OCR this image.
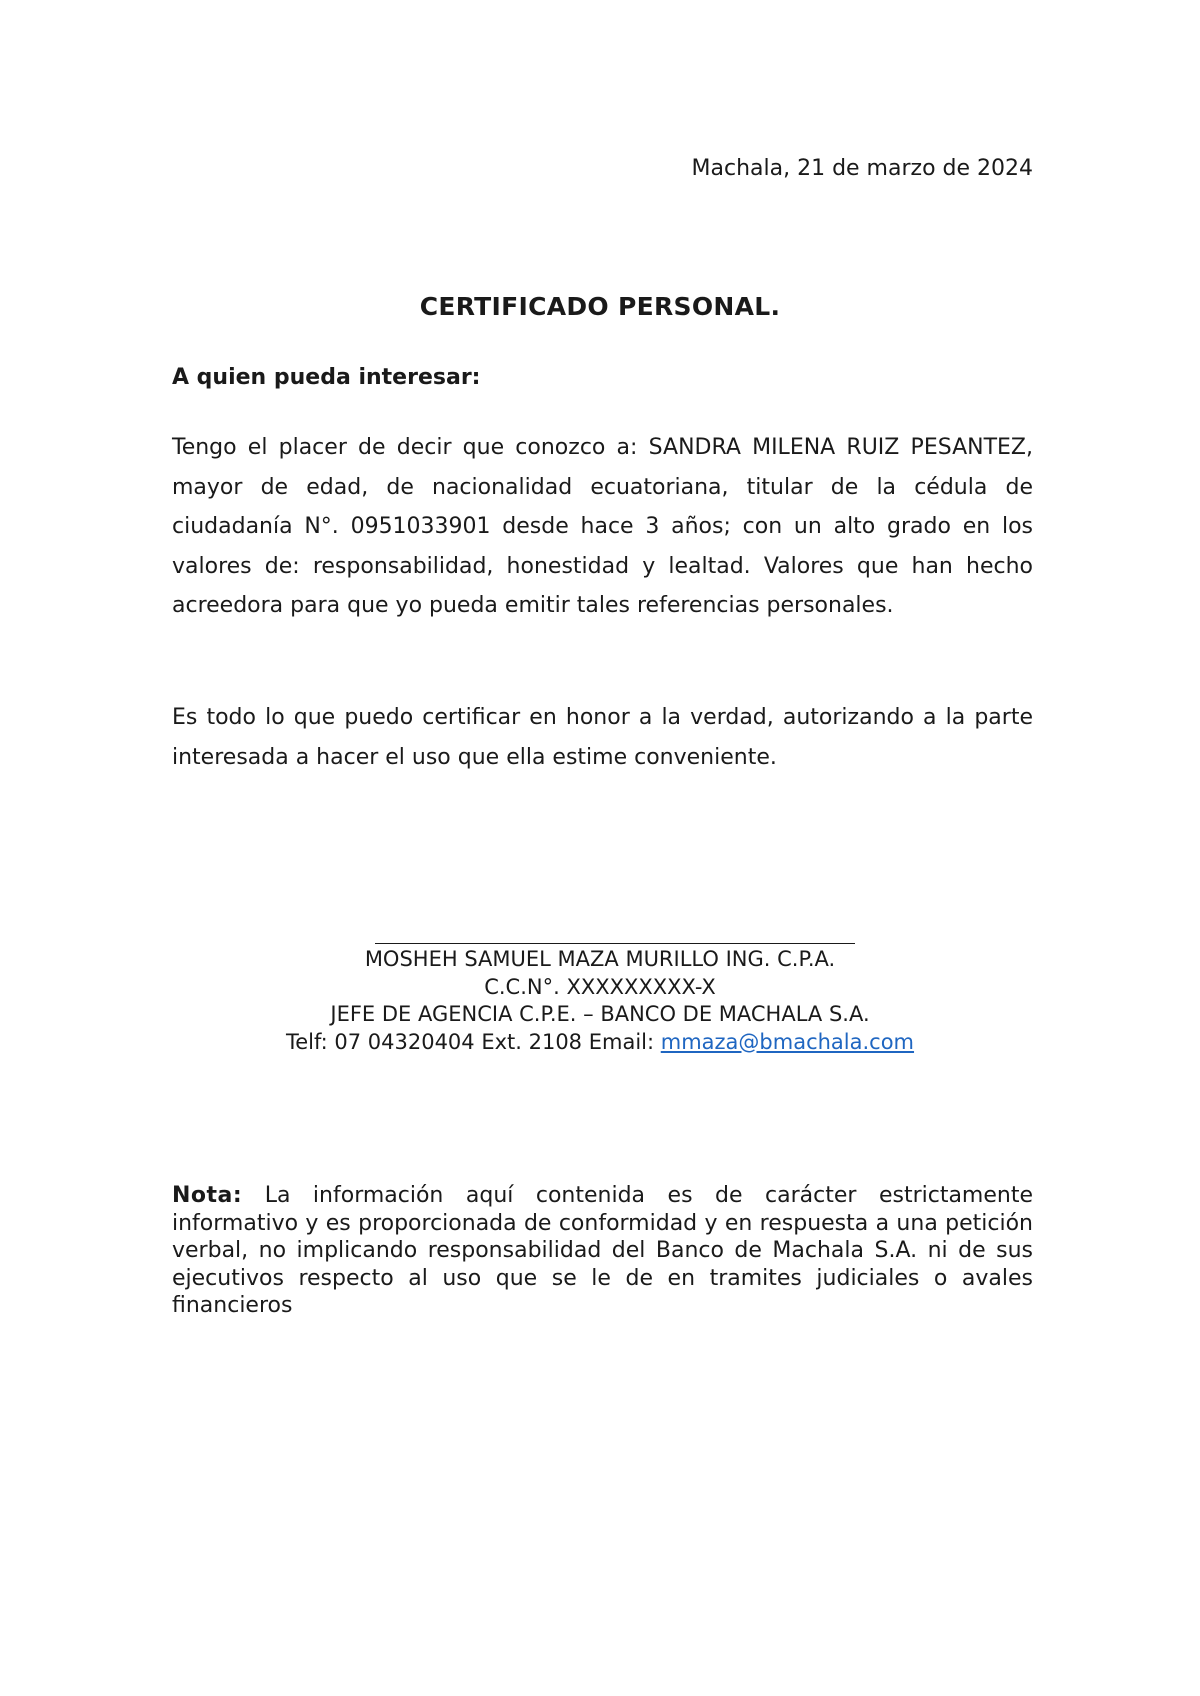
Machala, 21 de marzo de 2024
CERTIFICADO PERSONAL.
A quien pueda interesar:

Tengo el placer de decir que conozco a: SANDRA MILENA RUIZ PESANTEZ, mayor de edad, de nacionalidad ecuatoriana, titular de la cédula de ciudadanía N°. 0951033901 desde hace 3 años; con un alto grado en los valores de: responsabilidad, honestidad y lealtad. Valores que han hecho acreedora para que yo pueda emitir tales referencias personales.

Es todo lo que puedo certificar en honor a la verdad, autorizando a la parte interesada a hacer el uso que ella estime conveniente.

MOSHEH SAMUEL MAZA MURILLO ING. C.P.A.
C.C.N°. XXXXXXXXX-X
JEFE DE AGENCIA C.P.E. – BANCO DE MACHALA S.A.
Telf: 07 04320404 Ext. 2108 Email: mmaza@bmachala.com

Nota: La información aquí contenida es de carácter estrictamente informativo y es proporcionada de conformidad y en respuesta a una petición verbal, no implicando responsabilidad del Banco de Machala S.A. ni de sus ejecutivos respecto al uso que se le de en tramites judiciales o avales financieros
